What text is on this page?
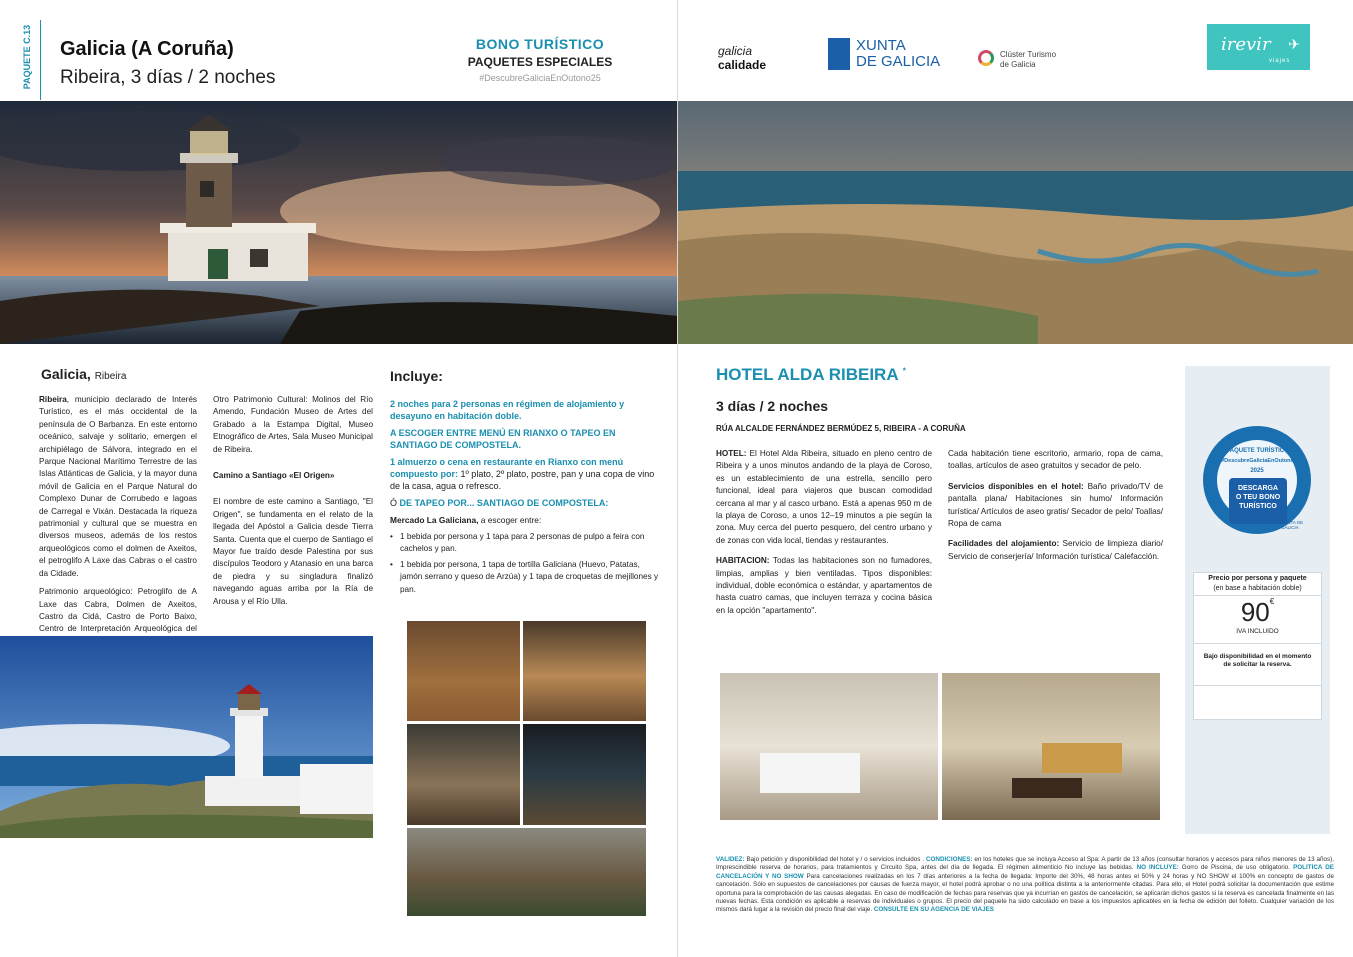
PAQUETE C.13 Galicia (A Coruña)
Ribeira, 3 días / 2 noches
BONO TURÍSTICO
PAQUETES ESPECIALES
#DescubreGaliciaEnOutono25
Galicia, Ribeira

Ribeira, municipio declarado de Interés Turístico, es el más occidental de la península de O Barbanza. En este entorno oceánico, salvaje y solitario, emergen el archipiélago de Sálvora, integrado en el Parque Nacional Marítimo Terrestre de las Islas Atlánticas de Galicia, y la mayor duna móvil de Galicia en el Parque Natural do Complexo Dunar de Corrubedo e lagoas de Carregal e Vixán. Destacada la riqueza patrimonial y cultural que se muestra en diversos museos, además de los restos arqueológicos como el dolmen de Axeitos, el petroglifo A Laxe das Cabras o el castro da Cidade.

Patrimonio arqueológico: Petroglifo de A Laxe das Cabra, Dolmen de Axeitos, Castro da Cidá, Castro de Porto Baixo, Centro de Interpretación Arqueológica del

Otro Patrimonio Cultural: Molinos del Río Amendo, Fundación Museo de Artes del Grabado a la Estampa Digital, Museo Etnográfico de Artes, Sala Museo Municipal de Ribeira.

Camino a Santiago «El Origen»

El nombre de este camino a Santiago, "El Origen", se fundamenta en el relato de la llegada del Apóstol a Galicia desde Tierra Santa. Cuenta que el cuerpo de Santiago el Mayor fue traído desde Palestina por sus discípulos Teodoro y Atanasio en una barca de piedra y su singladura finalizó navegando aguas arriba por la Ría de Arousa y el Río Ulla.

Incluye:
2 noches para 2 personas en régimen de alojamiento y desayuno en habitación doble.
A ESCOGER ENTRE MENÚ EN RIANXO O TAPEO EN SANTIAGO DE COMPOSTELA.
1 almuerzo o cena en restaurante en Rianxo con menú compuesto por: 1º plato, 2º plato, postre, pan y una copa de vino de la casa, agua o refresco.
Ó DE TAPEO POR... SANTIAGO DE COMPOSTELA:
Mercado La Galiciana, a escoger entre:
• 1 bebida por persona y 1 tapa para 2 personas de pulpo a feira con cachelos y pan.
• 1 bebida por persona, 1 tapa de tortilla Galiciana (Huevo, Patatas, jamón serrano y queso de Arzúa) y 1 tapa de croquetas de mejillones y pan.
galicia
calidade
XUNTA
DE GALICIA	Clúster Turismo
de Galicia
irevir
viajes
✈
HOTEL ALDA RIBEIRA *
3 días / 2 noches
RÚA ALCALDE FERNÁNDEZ BERMÚDEZ 5, RIBEIRA - A CORUÑA

HOTEL: El Hotel Alda Ribeira, situado en pleno centro de Ribeira y a unos minutos andando de la playa de Coroso, es un establecimiento de una estrella, sencillo pero funcional, ideal para viajeros que buscan comodidad cercana al mar y al casco urbano. Está a apenas 950 m de la playa de Coroso, a unos 12–19 minutos a pie según la zona. Muy cerca del puerto pesquero, del centro urbano y de zonas con vida local, tiendas y restaurantes.

HABITACION: Todas las habitaciones son no fumadores, limpias, amplias y bien ventiladas. Tipos disponibles: individual, doble económica o estándar, y apartamentos de hasta cuatro camas, que incluyen terraza y cocina básica en la opción "apartamento".

Cada habitación tiene escritorio, armario, ropa de cama, toallas, artículos de aseo gratuitos y secador de pelo.

Servicios disponibles en el hotel: Baño privado/TV de pantalla plana/ Habitaciones sin humo/ Información turística/ Artículos de aseo gratis/ Secador de pelo/ Toallas/ Ropa de cama

Facilidades del alojamiento: Servicio de limpieza diario/ Servicio de conserjería/ Información turística/ Calefacción.

PAQUETE TURÍSTICO
#DescubreGaliciaEnOutono
2025
DESCARGA
O TEU BONO
TURÍSTICO
XUNTA DE GALICIA
Precio por persona y paquete
(en base a habitación doble)
90€
IVA INCLUIDO
Bajo disponibilidad en el momento de solicitar la reserva.
VALIDEZ: Bajo petición y disponibilidad del hotel y / o servicios incluidos . CONDICIONES: en los hoteles que se incluya Acceso al Spa: A partir de 13 años (consultar horarios y accesos para niños menores de 13 años). Imprescindible reserva de horarios, para tratamientos y Circuito Spa, antes del día de llegada. El régimen alimenticio No incluye las bebidas. NO INCLUYE: Gorro de Piscina, de uso obligatorio. POLITICA DE CANCELACIÓN Y NO SHOW Para cancelaciones realizadas en los 7 días anteriores a la fecha de llegada: Importe del 30%, 48 horas antes el 50% y 24 horas y NO SHOW el 100% en concepto de gastos de cancelación. Sólo en supuestos de cancelaciones por causas de fuerza mayor, el hotel podrá aprobar o no una política distinta a la anteriormente citadas. Para ello, el Hotel podrá solicitar la documentación que estime oportuna para la comprobación de las causas alegadas. En caso de modificación de fechas para reservas que ya incurrían en gastos de cancelación, se aplicarán dichos gastos si la reserva es cancelada finalmente en las nuevas fechas. Esta condición es aplicable a reservas de individuales o grupos. El precio del paquete ha sido calculado en base a los impuestos aplicables en la fecha de edición del folleto. Cualquier variación de los mismos dará lugar a la revisión del precio final del viaje. CONSULTE EN SU AGENCIA DE VIAJES
